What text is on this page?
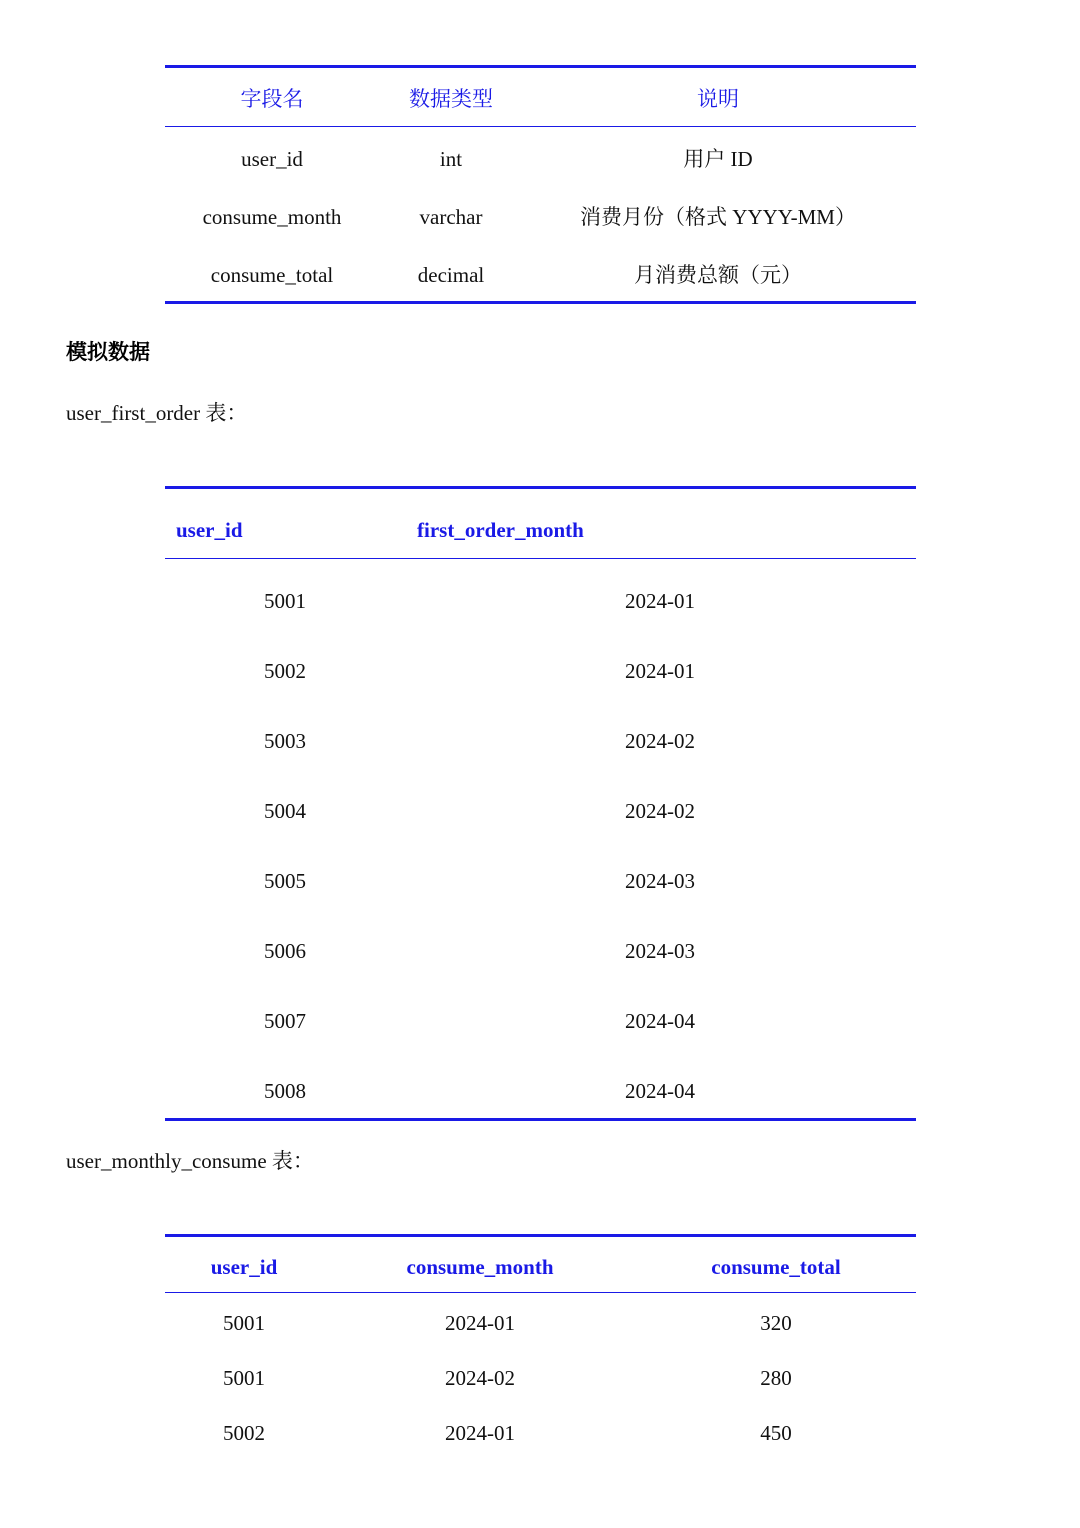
字段名	数据类型	说明
user_id	int	用户 ID
consume_month	varchar	消费月份（格式 YYYY-MM）
consume_total	decimal	月消费总额（元）
模拟数据
user_first_order 表：
user_id	first_order_month
5001	2024-01
5002	2024-01
5003	2024-02
5004	2024-02
5005	2024-03
5006	2024-03
5007	2024-04
5008	2024-04
user_monthly_consume 表：
user_id	consume_month	consume_total
5001	2024-01	320
5001	2024-02	280
5002	2024-01	450
